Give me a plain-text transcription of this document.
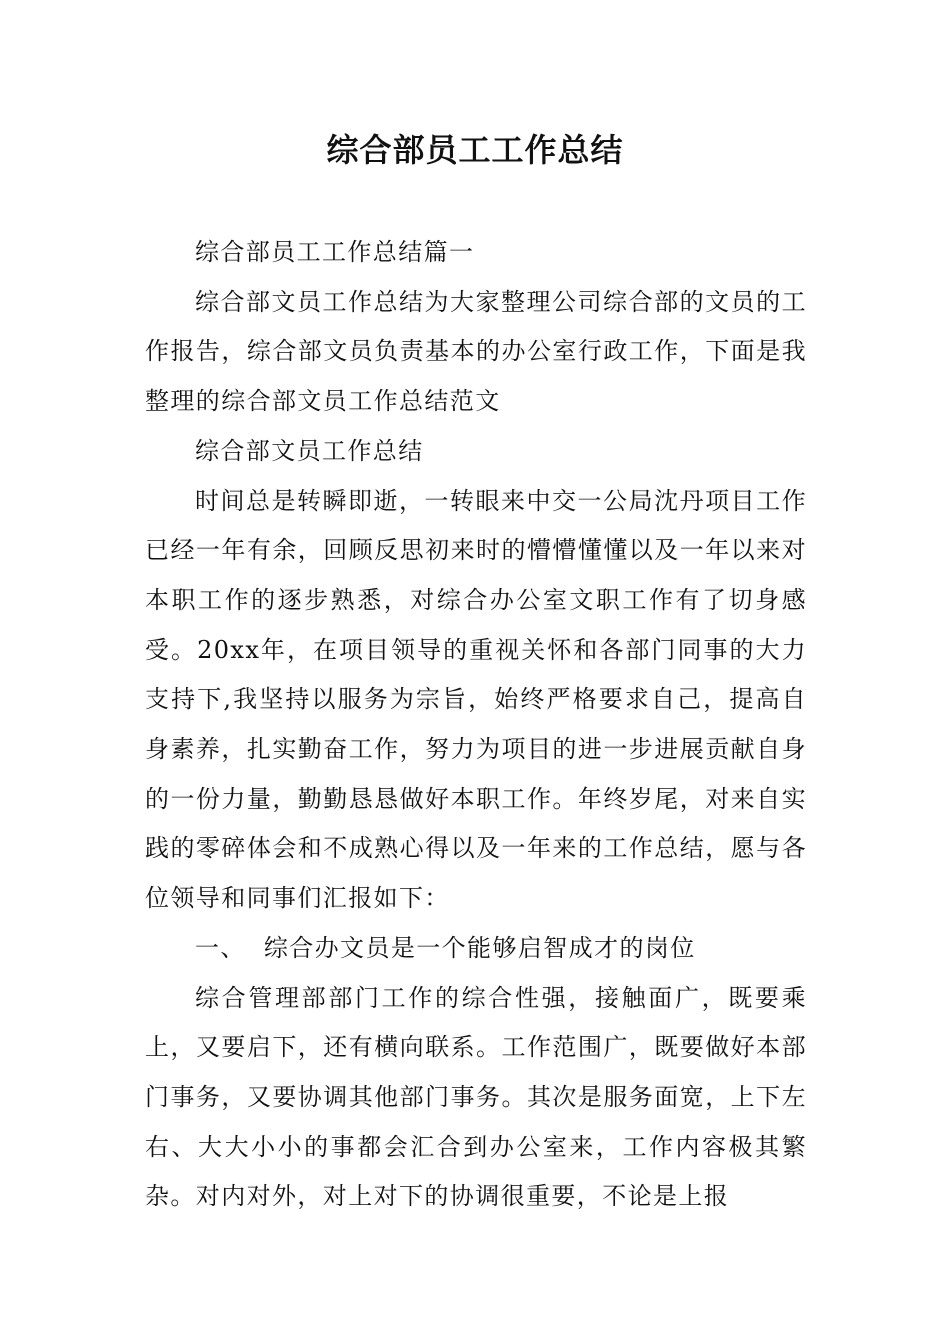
综合部员工工作总结

综合部员工工作总结篇一

综合部文员工作总结为大家整理公司综合部的文员的工作报告，综合部文员负责基本的办公室行政工作，下面是我整理的综合部文员工作总结范文

综合部文员工作总结

时间总是转瞬即逝，一转眼来中交一公局沈丹项目工作已经一年有余，回顾反思初来时的懵懵懂懂以及一年以来对本职工作的逐步熟悉，对综合办公室文职工作有了切身感受。20xx年，在项目领导的重视关怀和各部门同事的大力支持下,我坚持以服务为宗旨，始终严格要求自己，提高自身素养，扎实勤奋工作，努力为项目的进一步进展贡献自身的一份力量，勤勤恳恳做好本职工作。年终岁尾，对来自实践的零碎体会和不成熟心得以及一年来的工作总结，愿与各位领导和同事们汇报如下：

一、  综合办文员是一个能够启智成才的岗位

综合管理部部门工作的综合性强，接触面广，既要乘上，又要启下，还有横向联系。工作范围广，既要做好本部门事务，又要协调其他部门事务。其次是服务面宽，上下左右、大大小小的事都会汇合到办公室来，工作内容极其繁杂。对内对外，对上对下的协调很重要，不论是上报
